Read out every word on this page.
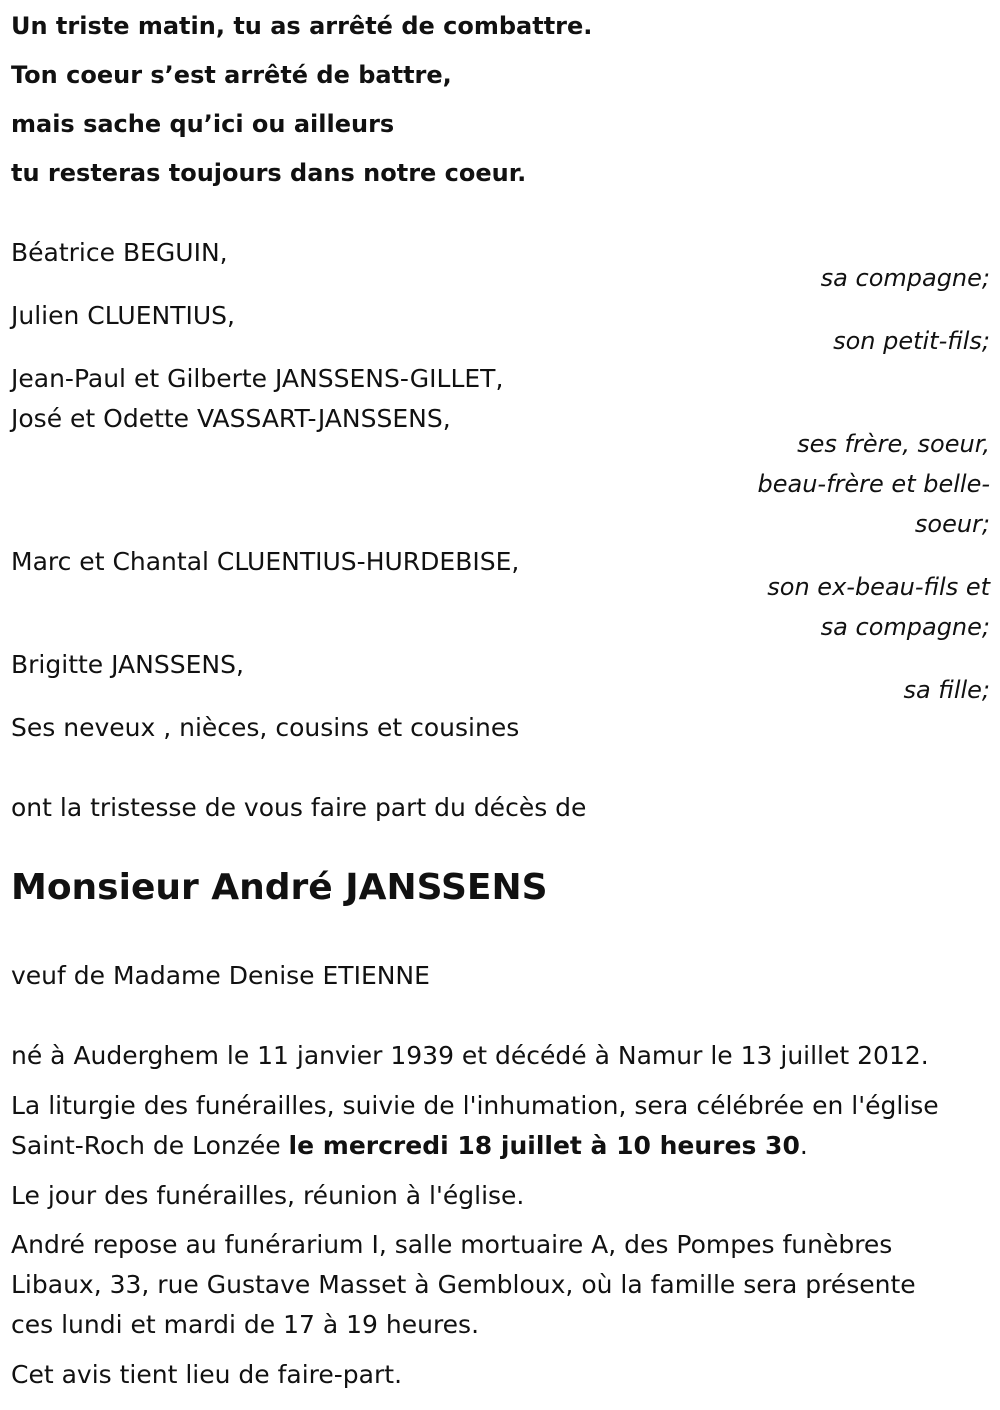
Un triste matin, tu as arrêté de combattre.
Ton coeur s’est arrêté de battre,
mais sache qu’ici ou ailleurs
tu resteras toujours dans notre coeur.
Béatrice BEGUIN,
sa compagne;
Julien CLUENTIUS,
son petit-fils;
Jean-Paul et Gilberte JANSSENS-GILLET,
José et Odette VASSART-JANSSENS,
ses frère, soeur,
beau-frère et belle-
soeur;
Marc et Chantal CLUENTIUS-HURDEBISE,
son ex-beau-fils et
sa compagne;
Brigitte JANSSENS,
sa fille;
Ses neveux , nièces, cousins et cousines
ont la tristesse de vous faire part du décès de
Monsieur André JANSSENS
veuf de Madame Denise ETIENNE
né à Auderghem le 11 janvier 1939 et décédé à Namur le 13 juillet 2012.
La liturgie des funérailles, suivie de l'inhumation, sera célébrée en l'église
Saint-Roch de Lonzée le mercredi 18 juillet à 10 heures 30.
Le jour des funérailles, réunion à l'église.
André repose au funérarium I, salle mortuaire A, des Pompes funèbres
Libaux, 33, rue Gustave Masset à Gembloux, où la famille sera présente
ces lundi et mardi de 17 à 19 heures.
Cet avis tient lieu de faire-part.
